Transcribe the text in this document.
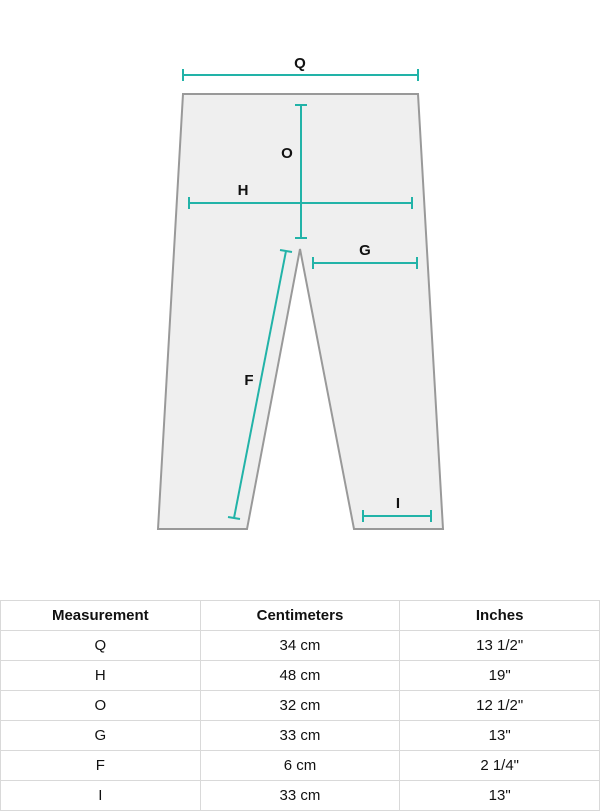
Q
O
H
G
F
I
Measurement	Centimeters	Inches
Q	34 cm	13 1/2"
H	48 cm	19"
O	32 cm	12 1/2"
G	33 cm	13"
F	6 cm	2 1/4"
I	33 cm	13"
